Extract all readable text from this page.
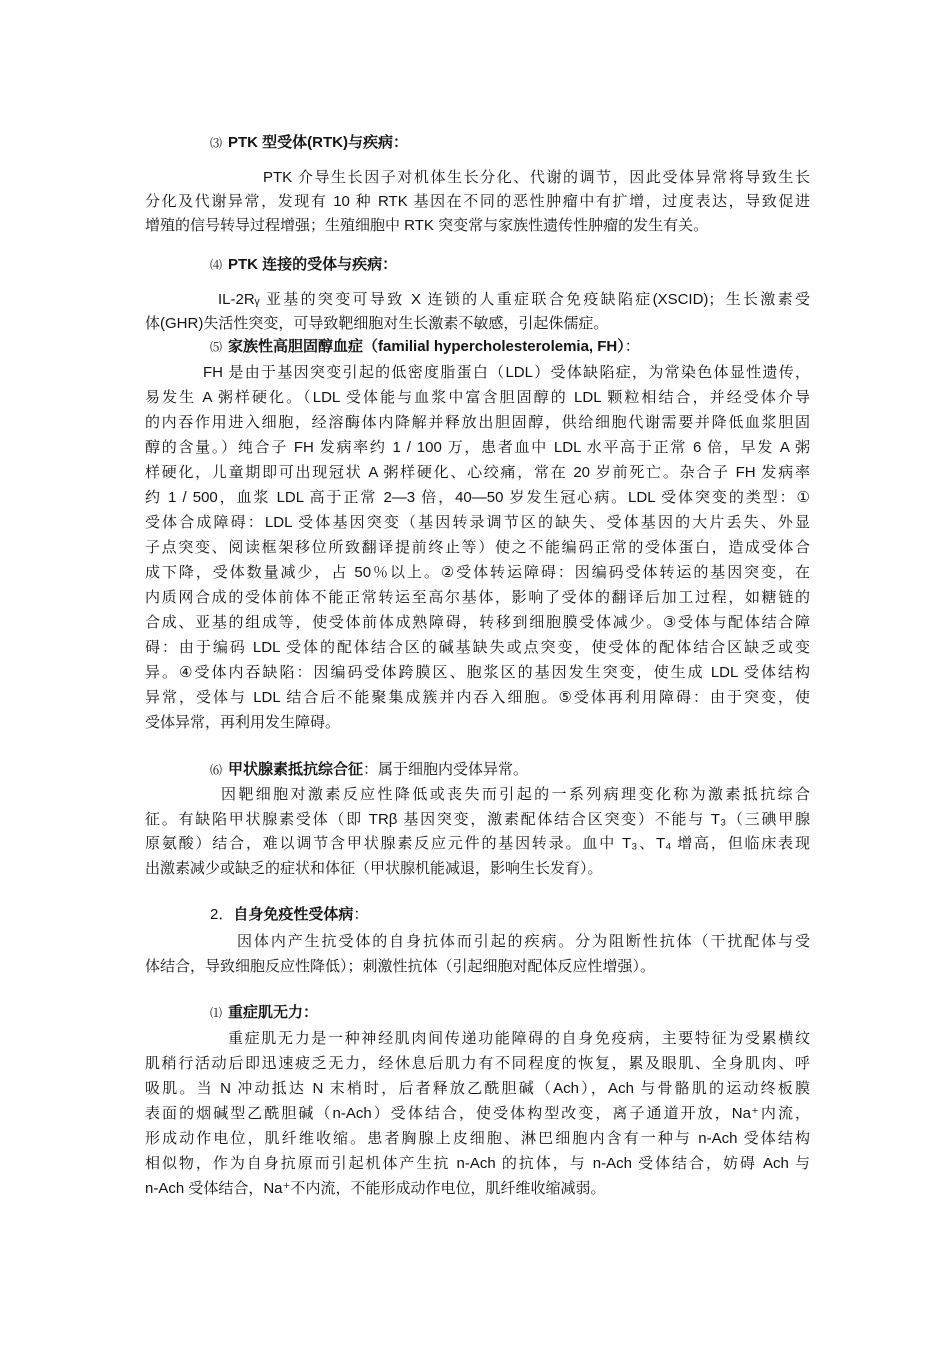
⑶ PTK 型受体(RTK)与疾病：
PTK 介导生长因子对机体生长分化、代谢的调节，因此受体异常将导致生长
分化及代谢异常，发现有 10 种 RTK 基因在不同的恶性肿瘤中有扩增，过度表达，导致促进
增殖的信号转导过程增强；生殖细胞中 RTK 突变常与家族性遗传性肿瘤的发生有关。
⑷ PTK 连接的受体与疾病：
IL-2Rᵧ 亚基的突变可导致 X 连锁的人重症联合免疫缺陷症(XSCID)；生长激素受
体(GHR)失活性突变，可导致靶细胞对生长激素不敏感，引起侏儒症。
⑸ 家族性高胆固醇血症（familial hypercholesterolemia, FH）：
FH 是由于基因突变引起的低密度脂蛋白（LDL）受体缺陷症，为常染色体显性遗传，
易发生 A 粥样硬化。（LDL 受体能与血浆中富含胆固醇的 LDL 颗粒相结合，并经受体介导
的内吞作用进入细胞，经溶酶体内降解并释放出胆固醇，供给细胞代谢需要并降低血浆胆固
醇的含量。）纯合子 FH 发病率约 1 / 100 万，患者血中 LDL 水平高于正常 6 倍，早发 A 粥
样硬化，儿童期即可出现冠状 A 粥样硬化、心绞痛，常在 20 岁前死亡。杂合子 FH 发病率
约 1 / 500，血浆 LDL 高于正常 2—3 倍，40—50 岁发生冠心病。LDL 受体突变的类型：①
受体合成障碍：LDL 受体基因突变（基因转录调节区的缺失、受体基因的大片丢失、外显
子点突变、阅读框架移位所致翻译提前终止等）使之不能编码正常的受体蛋白，造成受体合
成下降，受体数量减少，占 50％以上。②受体转运障碍：因编码受体转运的基因突变，在
内质网合成的受体前体不能正常转运至高尔基体，影响了受体的翻译后加工过程，如糖链的
合成、亚基的组成等，使受体前体成熟障碍，转移到细胞膜受体减少。③受体与配体结合障
碍：由于编码 LDL 受体的配体结合区的碱基缺失或点突变，使受体的配体结合区缺乏或变
异。④受体内吞缺陷：因编码受体跨膜区、胞浆区的基因发生突变，使生成 LDL 受体结构
异常，受体与 LDL 结合后不能聚集成簇并内吞入细胞。⑤受体再利用障碍：由于突变，使
受体异常，再利用发生障碍。
⑹ 甲状腺素抵抗综合征：属于细胞内受体异常。
因靶细胞对激素反应性降低或丧失而引起的一系列病理变化称为激素抵抗综合
征。有缺陷甲状腺素受体（即 TRβ 基因突变，激素配体结合区突变）不能与 T₃（三碘甲腺
原氨酸）结合，难以调节含甲状腺素反应元件的基因转录。血中 T₃、T₄ 增高，但临床表现
出激素减少或缺乏的症状和体征（甲状腺机能减退，影响生长发育）。
2．自身免疫性受体病：
因体内产生抗受体的自身抗体而引起的疾病。分为阻断性抗体（干扰配体与受
体结合，导致细胞反应性降低）；刺激性抗体（引起细胞对配体反应性增强）。
⑴ 重症肌无力：
重症肌无力是一种神经肌肉间传递功能障碍的自身免疫病，主要特征为受累横纹
肌稍行活动后即迅速疲乏无力，经休息后肌力有不同程度的恢复，累及眼肌、全身肌肉、呼
吸肌。当 N 冲动抵达 N 末梢时，后者释放乙酰胆碱（Ach），Ach 与骨骼肌的运动终板膜
表面的烟碱型乙酰胆碱（n-Ach）受体结合，使受体构型改变，离子通道开放，Na⁺内流，
形成动作电位，肌纤维收缩。患者胸腺上皮细胞、淋巴细胞内含有一种与 n-Ach 受体结构
相似物，作为自身抗原而引起机体产生抗 n-Ach 的抗体，与 n-Ach 受体结合，妨碍 Ach 与
n-Ach 受体结合，Na⁺不内流，不能形成动作电位，肌纤维收缩减弱。
